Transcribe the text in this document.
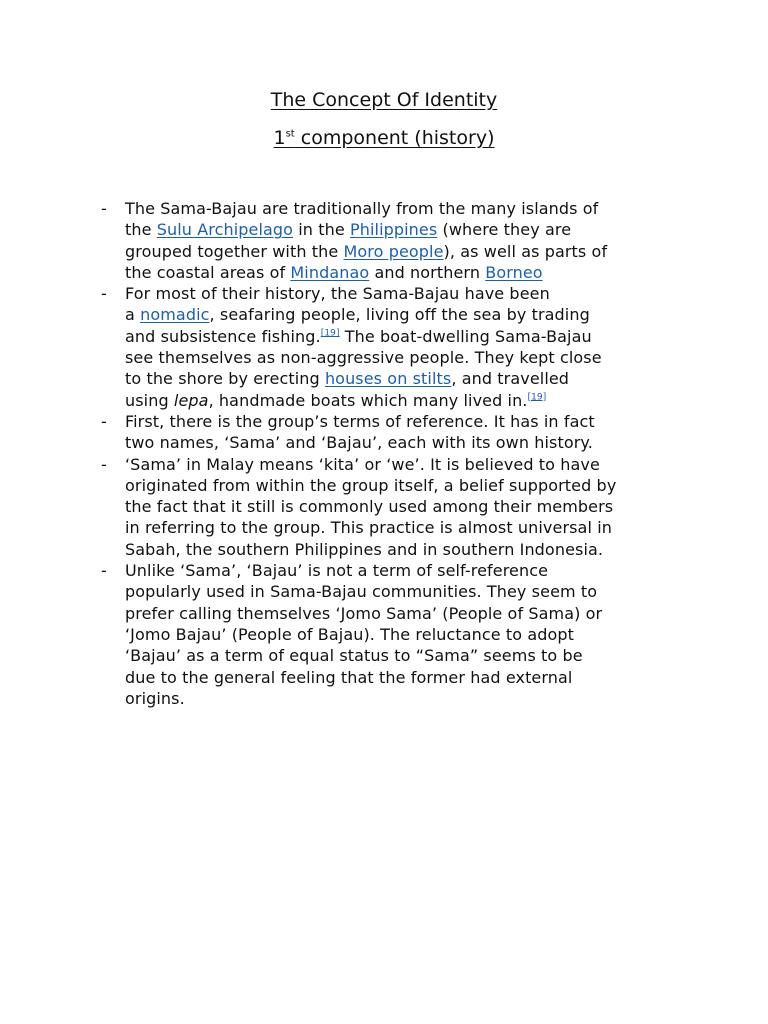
The Concept Of Identity
1st component (history)
- The Sama-Bajau are traditionally from the many islands of
the Sulu Archipelago in the Philippines (where they are
grouped together with the Moro people), as well as parts of
the coastal areas of Mindanao and northern Borneo
- For most of their history, the Sama-Bajau have been
a nomadic, seafaring people, living off the sea by trading
and subsistence fishing.[19] The boat-dwelling Sama-Bajau
see themselves as non-aggressive people. They kept close
to the shore by erecting houses on stilts, and travelled
using lepa, handmade boats which many lived in.[19]
- First, there is the group’s terms of reference. It has in fact
two names, ‘Sama’ and ‘Bajau’, each with its own history.
- ‘Sama’ in Malay means ‘kita’ or ‘we’. It is believed to have
originated from within the group itself, a belief supported by
the fact that it still is commonly used among their members
in referring to the group. This practice is almost universal in
Sabah, the southern Philippines and in southern Indonesia.
- Unlike ‘Sama’, ‘Bajau’ is not a term of self-reference
popularly used in Sama-Bajau communities. They seem to
prefer calling themselves ‘Jomo Sama’ (People of Sama) or
‘Jomo Bajau’ (People of Bajau). The reluctance to adopt
‘Bajau’ as a term of equal status to “Sama” seems to be
due to the general feeling that the former had external
origins.
